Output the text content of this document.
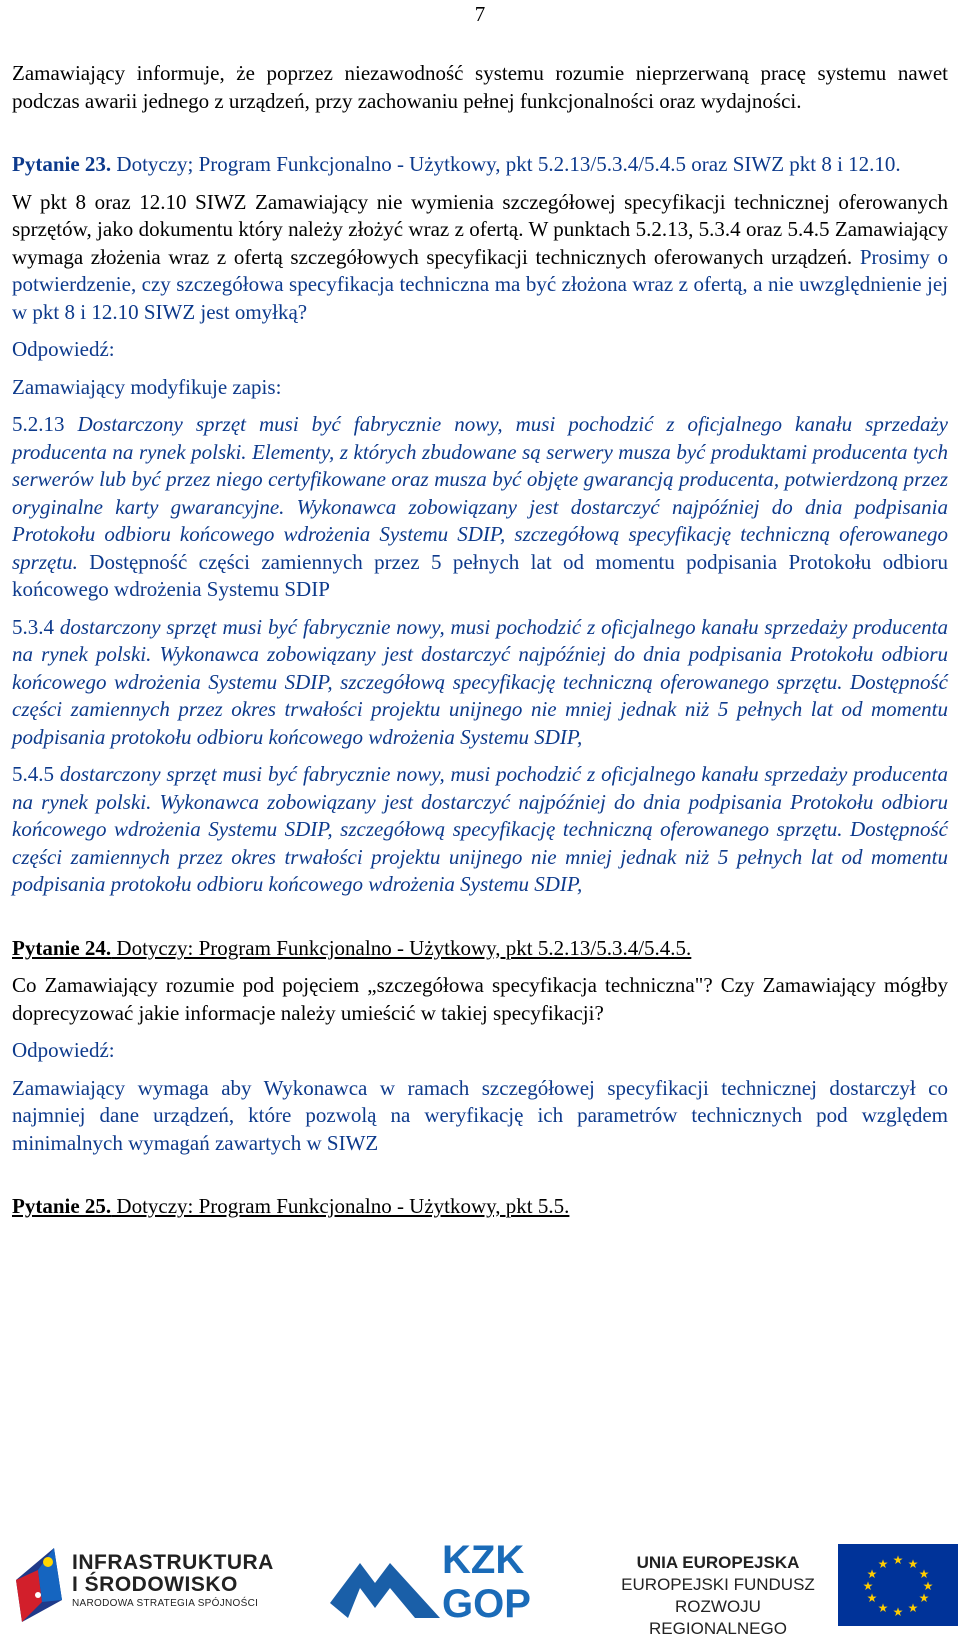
7

Zamawiający informuje, że poprzez niezawodność systemu rozumie nieprzerwaną pracę systemu nawet podczas awarii jednego z urządzeń, przy zachowaniu pełnej funkcjonalności oraz wydajności.

Pytanie 23. Dotyczy; Program Funkcjonalno - Użytkowy, pkt 5.2.13/5.3.4/5.4.5 oraz SIWZ pkt 8 i 12.10.

W pkt 8 oraz 12.10 SIWZ Zamawiający nie wymienia szczegółowej specyfikacji technicznej oferowanych sprzętów, jako dokumentu który należy złożyć wraz z ofertą. W punktach 5.2.13, 5.3.4 oraz 5.4.5 Zamawiający wymaga złożenia wraz z ofertą szczegółowych specyfikacji technicznych oferowanych urządzeń. Prosimy o potwierdzenie, czy szczegółowa specyfikacja techniczna ma być złożona wraz z ofertą, a nie uwzględnienie jej w pkt 8 i 12.10 SIWZ jest omyłką?

Odpowiedź:

Zamawiający modyfikuje zapis:

5.2.13 Dostarczony sprzęt musi być fabrycznie nowy, musi pochodzić z oficjalnego kanału sprzedaży producenta na rynek polski. Elementy, z których zbudowane są serwery musza być produktami producenta tych serwerów lub być przez niego certyfikowane oraz musza być objęte gwarancją producenta, potwierdzoną przez oryginalne karty gwarancyjne. Wykonawca zobowiązany jest dostarczyć najpóźniej do dnia podpisania Protokołu odbioru końcowego wdrożenia Systemu SDIP, szczegółową specyfikację techniczną oferowanego sprzętu. Dostępność części zamiennych przez 5 pełnych lat od momentu podpisania Protokołu odbioru końcowego wdrożenia Systemu SDIP

5.3.4 dostarczony sprzęt musi być fabrycznie nowy, musi pochodzić z oficjalnego kanału sprzedaży producenta na rynek polski. Wykonawca zobowiązany jest dostarczyć najpóźniej do dnia podpisania Protokołu odbioru końcowego wdrożenia Systemu SDIP, szczegółową specyfikację techniczną oferowanego sprzętu. Dostępność części zamiennych przez okres trwałości projektu unijnego nie mniej jednak niż 5 pełnych lat od momentu podpisania protokołu odbioru końcowego wdrożenia Systemu SDIP,

5.4.5 dostarczony sprzęt musi być fabrycznie nowy, musi pochodzić z oficjalnego kanału sprzedaży producenta na rynek polski. Wykonawca zobowiązany jest dostarczyć najpóźniej do dnia podpisania Protokołu odbioru końcowego wdrożenia Systemu SDIP, szczegółową specyfikację techniczną oferowanego sprzętu. Dostępność części zamiennych przez okres trwałości projektu unijnego nie mniej jednak niż 5 pełnych lat od momentu podpisania protokołu odbioru końcowego wdrożenia Systemu SDIP,

Pytanie 24. Dotyczy: Program Funkcjonalno - Użytkowy, pkt 5.2.13/5.3.4/5.4.5.

Co Zamawiający rozumie pod pojęciem „szczegółowa specyfikacja techniczna"? Czy Zamawiający mógłby doprecyzować jakie informacje należy umieścić w takiej specyfikacji?

Odpowiedź:

Zamawiający wymaga aby Wykonawca w ramach szczegółowej specyfikacji technicznej dostarczył co najmniej dane urządzeń, które pozwolą na weryfikację ich parametrów technicznych pod względem minimalnych wymagań zawartych w SIWZ

Pytanie 25. Dotyczy: Program Funkcjonalno - Użytkowy, pkt 5.5.

INFRASTRUKTURA
I ŚRODOWISKO
NARODOWA STRATEGIA SPÓJNOŚCI
KZK
GOP
UNIA EUROPEJSKA
EUROPEJSKI FUNDUSZ
ROZWOJU REGIONALNEGO
★ ★
★
★
★
★
★
★
★
★
★
★
